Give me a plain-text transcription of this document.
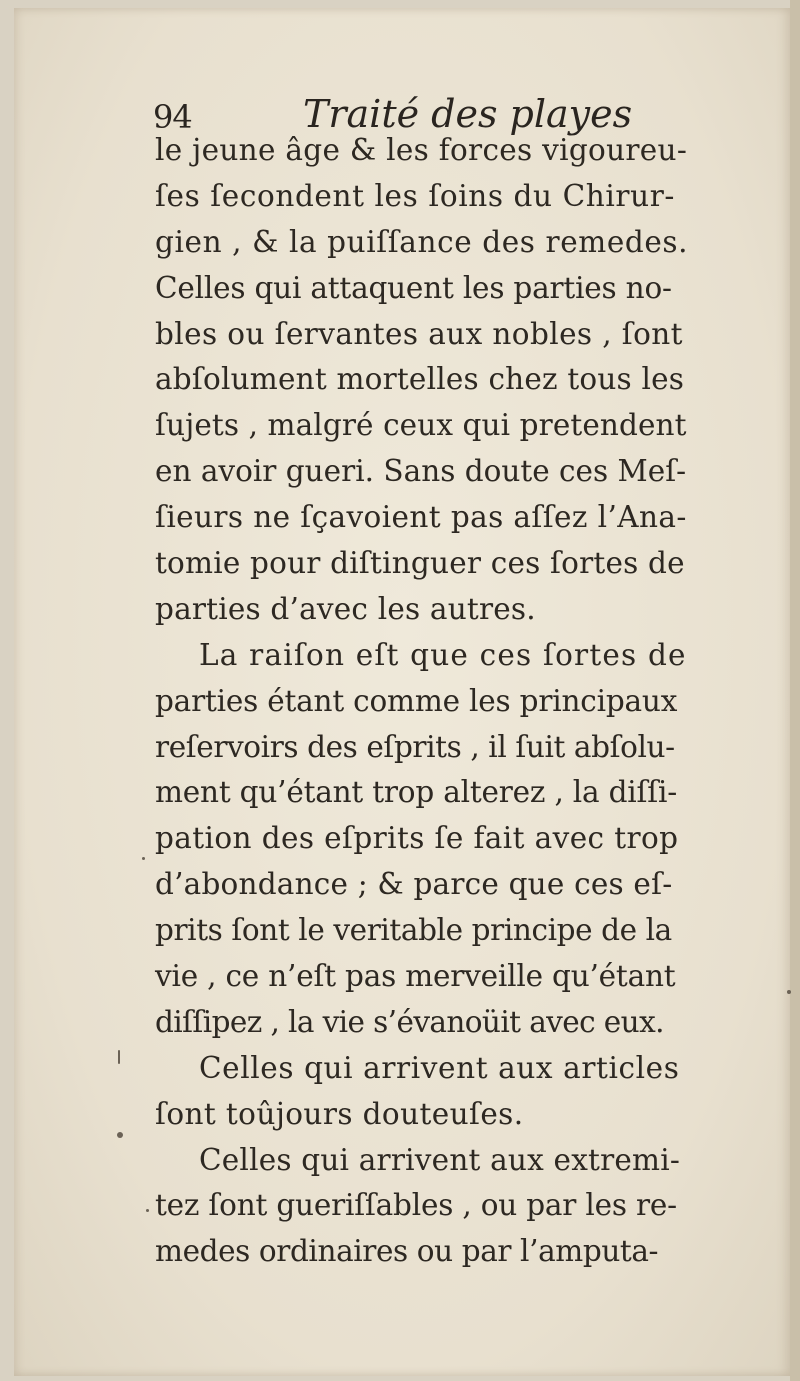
94	Traité des playes
le jeune âge & les forces vigoureu-
ſes ſecondent les ſoins du Chirur-
gien , & la puiſſance des remedes.
Celles qui attaquent les parties no-
bles ou ſervantes aux nobles , ſont
abſolument mortelles chez tous les
ſujets , malgré ceux qui pretendent
en avoir gueri. Sans doute ces Meſ-
ſieurs ne ſçavoient pas aſſez l’Ana-
tomie pour diſtinguer ces ſortes de
parties d’avec les autres.
La raiſon eſt que ces ſortes de
parties étant comme les principaux
reſervoirs des eſprits , il ſuit abſolu-
ment qu’étant trop alterez , la diſſi-
pation des eſprits ſe fait avec trop
d’abondance ; & parce que ces eſ-
prits ſont le veritable principe de la
vie , ce n’eſt pas merveille qu’étant
diſſipez , la vie s’évanoüit avec eux.
Celles qui arrivent aux articles
ſont toûjours douteuſes.
Celles qui arrivent aux extremi-
tez ſont gueriſſables , ou par les re-
medes ordinaires ou par l’amputa-
